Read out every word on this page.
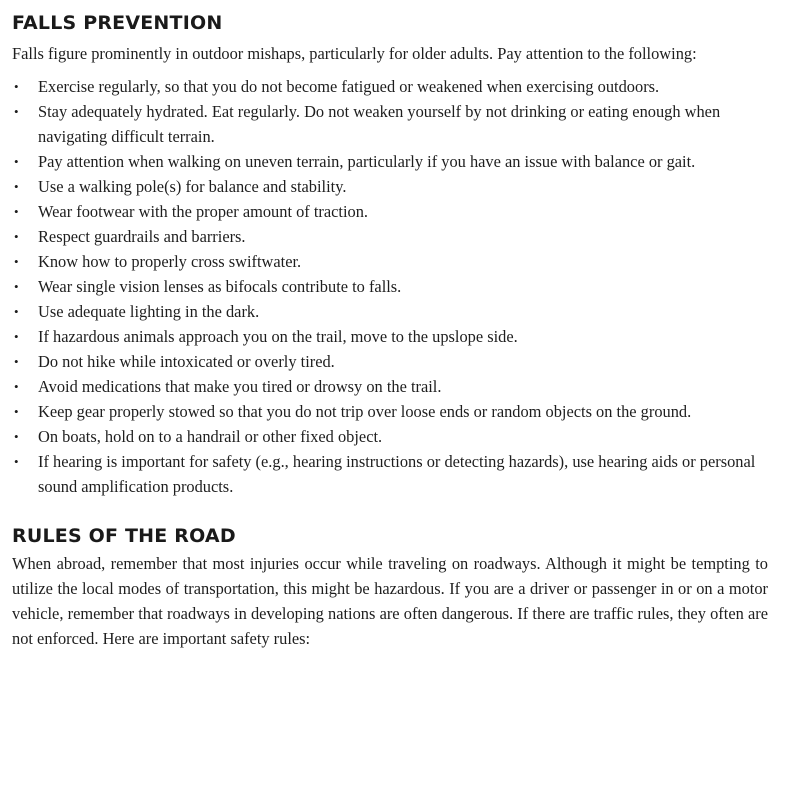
FALLS PREVENTION

Falls figure prominently in outdoor mishaps, particularly for older adults. Pay attention to the following:

• Exercise regularly, so that you do not become fatigued or weakened when exercising outdoors.
• Stay adequately hydrated. Eat regularly. Do not weaken yourself by not drinking or eating enough when navigating difficult terrain.
• Pay attention when walking on uneven terrain, particularly if you have an issue with balance or gait.
• Use a walking pole(s) for balance and stability.
• Wear footwear with the proper amount of traction.
• Respect guardrails and barriers.
• Know how to properly cross swiftwater.
• Wear single vision lenses as bifocals contribute to falls.
• Use adequate lighting in the dark.
• If hazardous animals approach you on the trail, move to the upslope side.
• Do not hike while intoxicated or overly tired.
• Avoid medications that make you tired or drowsy on the trail.
• Keep gear properly stowed so that you do not trip over loose ends or random objects on the ground.
• On boats, hold on to a handrail or other fixed object.
• If hearing is important for safety (e.g., hearing instructions or detecting hazards), use hearing aids or personal sound amplification products.
RULES OF THE ROAD

When abroad, remember that most injuries occur while traveling on roadways. Although it might be tempting to utilize the local modes of transportation, this might be hazardous. If you are a driver or passenger in or on a motor vehicle, remember that roadways in developing nations are often dangerous. If there are traffic rules, they often are not enforced. Here are important safety rules:
